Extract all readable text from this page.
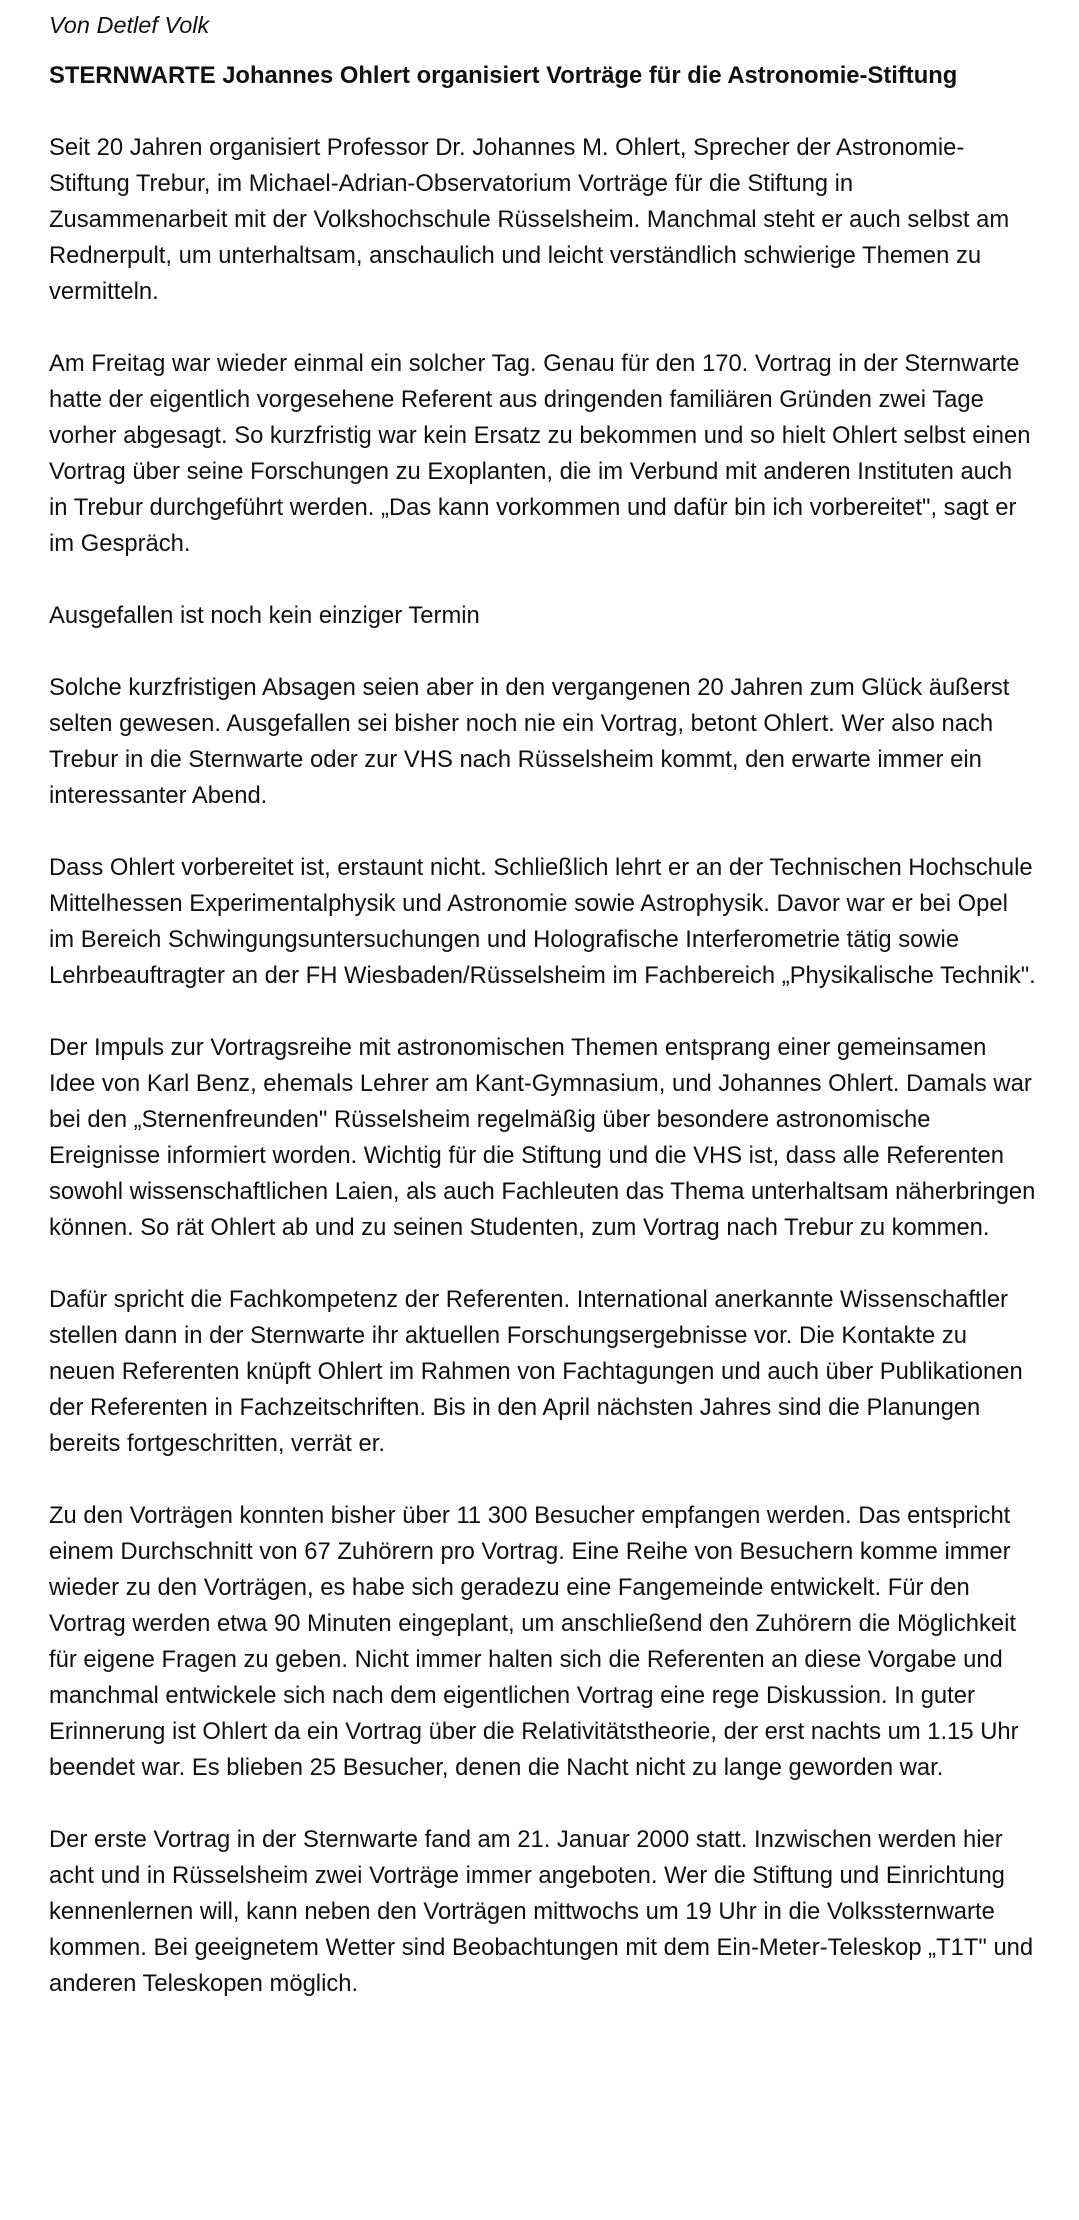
Von Detlef Volk
STERNWARTE Johannes Ohlert organisiert Vorträge für die Astronomie-Stiftung

Seit 20 Jahren organisiert Professor Dr. Johannes M. Ohlert, Sprecher der Astronomie-Stiftung Trebur, im Michael-Adrian-Observatorium Vorträge für die Stiftung in Zusammenarbeit mit der Volkshochschule Rüsselsheim. Manchmal steht er auch selbst am Rednerpult, um unterhaltsam, anschaulich und leicht verständlich schwierige Themen zu vermitteln.

Am Freitag war wieder einmal ein solcher Tag. Genau für den 170. Vortrag in der Sternwarte hatte der eigentlich vorgesehene Referent aus dringenden familiären Gründen zwei Tage vorher abgesagt. So kurzfristig war kein Ersatz zu bekommen und so hielt Ohlert selbst einen Vortrag über seine Forschungen zu Exoplanten, die im Verbund mit anderen Instituten auch in Trebur durchgeführt werden. „Das kann vorkommen und dafür bin ich vorbereitet", sagt er im Gespräch.

Ausgefallen ist noch kein einziger Termin

Solche kurzfristigen Absagen seien aber in den vergangenen 20 Jahren zum Glück äußerst selten gewesen. Ausgefallen sei bisher noch nie ein Vortrag, betont Ohlert. Wer also nach Trebur in die Sternwarte oder zur VHS nach Rüsselsheim kommt, den erwarte immer ein interessanter Abend.

Dass Ohlert vorbereitet ist, erstaunt nicht. Schließlich lehrt er an der Technischen Hochschule Mittelhessen Experimentalphysik und Astronomie sowie Astrophysik. Davor war er bei Opel im Bereich Schwingungsuntersuchungen und Holografische Interferometrie tätig sowie Lehrbeauftragter an der FH Wiesbaden/Rüsselsheim im Fachbereich „Physikalische Technik".

Der Impuls zur Vortragsreihe mit astronomischen Themen entsprang einer gemeinsamen Idee von Karl Benz, ehemals Lehrer am Kant-Gymnasium, und Johannes Ohlert. Damals war bei den „Sternenfreunden" Rüsselsheim regelmäßig über besondere astronomische Ereignisse informiert worden. Wichtig für die Stiftung und die VHS ist, dass alle Referenten sowohl wissenschaftlichen Laien, als auch Fachleuten das Thema unterhaltsam näherbringen können. So rät Ohlert ab und zu seinen Studenten, zum Vortrag nach Trebur zu kommen.

Dafür spricht die Fachkompetenz der Referenten. International anerkannte Wissenschaftler stellen dann in der Sternwarte ihr aktuellen Forschungsergebnisse vor. Die Kontakte zu neuen Referenten knüpft Ohlert im Rahmen von Fachtagungen und auch über Publikationen der Referenten in Fachzeitschriften. Bis in den April nächsten Jahres sind die Planungen bereits fortgeschritten, verrät er.

Zu den Vorträgen konnten bisher über 11 300 Besucher empfangen werden. Das entspricht einem Durchschnitt von 67 Zuhörern pro Vortrag. Eine Reihe von Besuchern komme immer wieder zu den Vorträgen, es habe sich geradezu eine Fangemeinde entwickelt. Für den Vortrag werden etwa 90 Minuten eingeplant, um anschließend den Zuhörern die Möglichkeit für eigene Fragen zu geben. Nicht immer halten sich die Referenten an diese Vorgabe und manchmal entwickele sich nach dem eigentlichen Vortrag eine rege Diskussion. In guter Erinnerung ist Ohlert da ein Vortrag über die Relativitätstheorie, der erst nachts um 1.15 Uhr beendet war. Es blieben 25 Besucher, denen die Nacht nicht zu lange geworden war.

Der erste Vortrag in der Sternwarte fand am 21. Januar 2000 statt. Inzwischen werden hier acht und in Rüsselsheim zwei Vorträge immer angeboten. Wer die Stiftung und Einrichtung kennenlernen will, kann neben den Vorträgen mittwochs um 19 Uhr in die Volkssternwarte kommen. Bei geeignetem Wetter sind Beobachtungen mit dem Ein-Meter-Teleskop „T1T" und anderen Teleskopen möglich.
